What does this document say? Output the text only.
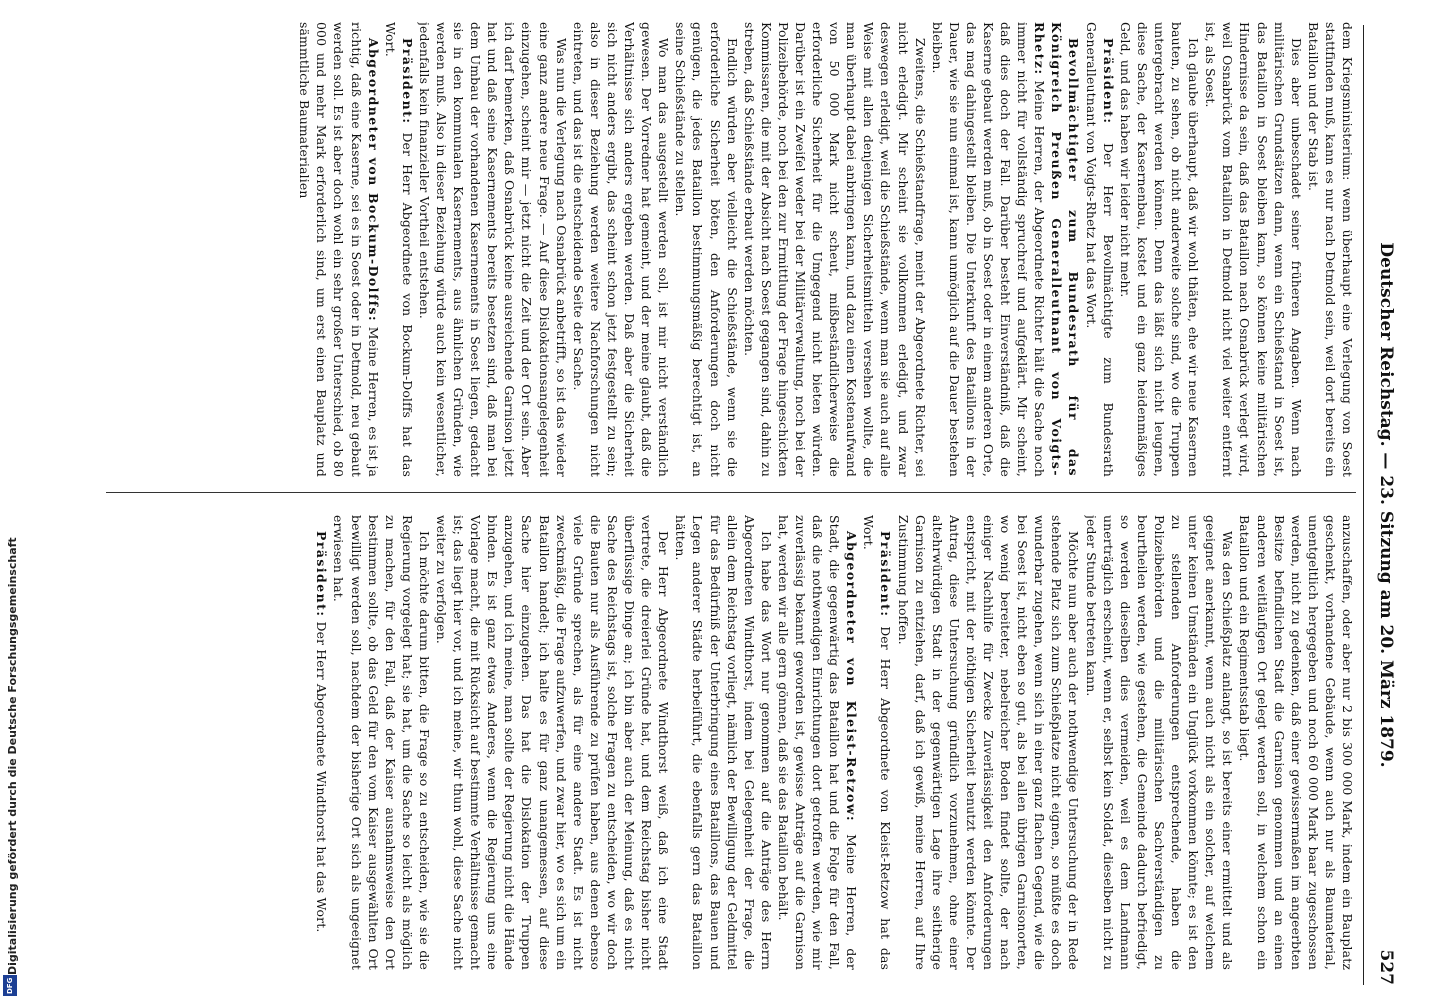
Digitalisierung gefördert durch die Deutsche Forschungsgemeinschaft
DFG
Deutscher Reichstag. — 23. Sitzung am 20. März 1879.
527

dem Kriegsministerium: wenn überhaupt eine Verlegung von Soest stattfinden muß, kann es nur nach Detmold sein, weil dort bereits ein Bataillon und der Stab ist.

Dies aber unbeschadet seiner früheren Angaben. Wenn nach militärischen Grundsätzen dann, wenn ein Schießstand in Soest ist, das Bataillon in Soest bleiben kann, so können keine militärischen Hindernisse da sein, daß das Bataillon nach Osnabrück verlegt wird, weil Osnabrück vom Bataillon in Detmold nicht viel weiter entfernt ist, als Soest.

Ich glaube überhaupt, daß wir wohl thäten, ehe wir neue Kasernen bauten, zu sehen, ob nicht anderweite solche sind, wo die Truppen untergebracht werden können. Denn das läßt sich nicht leugnen, diese Sache, der Kasernenbau, kostet und ein ganz heidenmäßiges Geld, und das haben wir leider nicht mehr.

Präsident: Der Herr Bevollmächtigte zum Bundesrath Generalleutnant von Voigts-Rhetz hat das Wort.

Bevollmächtigter zum Bundesrath für das Königreich Preußen Generalleutnant von Voigts-Rhetz: Meine Herren, der Abgeordnete Richter hält die Sache noch immer nicht für vollständig spruchreif und aufgeklärt. Mir scheint, daß dies doch der Fall. Darüber besteht Einverständniß, daß die Kaserne gebaut werden muß, ob in Soest oder in einem anderen Orte, das mag dahingestellt bleiben. Die Unterkunft des Bataillons in der Dauer, wie sie nun einmal ist, kann unmöglich auf die Dauer bestehen bleiben.

Zweitens, die Schießstandfrage, meint der Abgeordnete Richter, sei nicht erledigt. Mir scheint sie vollkommen erledigt, und zwar deswegen erledigt, weil die Schießstände, wenn man sie auch auf alle Weise mit allen denjenigen Sicherheitsmitteln versehen wollte, die man überhaupt dabei anbringen kann, und dazu einen Kostenaufwand von 50 000 Mark nicht scheut, mißbeständlicherweise die erforderliche Sicherheit für die Umgegend nicht bieten würden. Darüber ist ein Zweifel weder bei der Militärverwaltung, noch bei der Polizeibehörde, noch bei den zur Ermittlung der Frage hingeschickten Kommissaren, die mit der Absicht nach Soest gegangen sind, dahin zu streben, daß Schießstände erbaut werden möchten.

Endlich würden aber vielleicht die Schießstände, wenn sie die erforderliche Sicherheit böten, den Anforderungen doch nicht genügen, die jedes Bataillon bestimmungsmäßig berechtigt ist, an seine Schießstände zu stellen.

Wo man das ausgestellt werden soll, ist mir nicht verständlich gewesen. Der Vorredner hat gemeint, und der meine glaubt, daß die Verhältnisse sich anders ergeben werden. Daß aber die Sicherheit sich nicht anders ergibt, das scheint schon jetzt festgestellt zu sein; also in dieser Beziehung werden weitere Nachforschungen nicht eintreten, und das ist die entscheidende Seite der Sache.

Was nun die Verlegung nach Osnabrück anbetrifft, so ist das wieder eine ganz andere neue Frage. — Auf diese Dislokationsangelegenheit einzugehen, scheint mir — jetzt nicht die Zeit und der Ort sein. Aber ich darf bemerken, daß Osnabrück keine ausreichende Garnison jetzt hat und daß seine Kasernements bereits besetzen sind, daß man bei dem Umbau der vorhandenen Kasernements in Soest liegen, gedacht sie in den kommunalen Kasernements, aus ähnlichen Gründen, wie werden muß. Also in dieser Beziehung würde auch kein wesentlicher, jedenfalls kein finanzieller Vortheil entstehen.

Präsident: Der Herr Abgeordnete von Bockum-Dolffs hat das Wort.

Abgeordneter von Bockum-Dolffs: Meine Herren, es ist ja richtig, daß eine Kaserne, sei es in Soest oder in Detmold, neu gebaut werden soll. Es ist aber doch wohl ein sehr großer Unterschied, ob 80 000 und mehr Mark erforderlich sind, um erst einen Bauplatz und sämmtliche Baumaterialien

anzuschaffen, oder aber nur 2 bis 300 000 Mark, indem ein Bauplatz geschenkt, vorhandene Gebäude, wenn auch nur als Baumaterial, unentgeltlich hergegeben und noch 60 000 Mark baar zugeschossen werden, nicht zu gedenken, daß einer gewissermaßen im angeerbten Besitze befindlichen Stadt die Garnison genommen und an einen anderen weitläufigen Ort gelegt werden soll, in welchem schon ein Bataillon und ein Regimentsstab liegt.

Was den Schießplatz anlangt, so ist bereits einer ermittelt und als geeignet anerkannt, wenn auch nicht als ein solcher, auf welchem unter keinen Umständen ein Unglück vorkommen könnte; es ist den zu stellenden Anforderungen entsprechende, haben die Polizeibehörden und die militärischen Sachverständigen zu beurtheilen werden, wie gestehen, die Gemeinde dadurch befriedigt, so werden dieselben dies vermeiden, weil es dem Landmann unerträglich erscheint, wenn er, selbst kein Soldat, dieselben nicht zu jeder Stunde betreten kann.

Möchte nun aber auch der nothwendige Untersuchung der in Rede stehende Platz sich zum Schießplatze nicht eignen, so müßte es doch wunderbar zugehen, wenn sich in einer ganz flachen Gegend, wie die bei Soest ist, nicht eben so gut, als bei allen übrigen Garnisonorten, wo wenig bereiteter, nebelreicher Boden findet sollte, der nach einiger Nachhilfe für Zwecke Zuverlässigkeit den Anforderungen entspricht, mit der nöthigen Sicherheit benutzt werden könnte. Der Antrag, diese Untersuchung gründlich vorzunehmen, ohne einer altehrwürdigen Stadt in der gegenwärtigen Lage ihre seitherige Garnison zu entziehen, darf, daß ich gewiß, meine Herren, auf Ihre Zustimmung hoffen.

Präsident: Der Herr Abgeordnete von Kleist-Retzow hat das Wort.

Abgeordneter von Kleist-Retzow: Meine Herren, der Stadt, die gegenwärtig das Bataillon hat und die Folge für den Fall, daß die nothwendigen Einrichtungen dort getroffen werden, wie mir zuverlässig bekannt geworden ist, gewisse Anträge auf die Garnison hat, werden wir alle gern gönnen, daß sie das Bataillon behält.

Ich habe das Wort nur genommen auf die Anträge des Herrn Abgeordneten Windthorst, indem bei Gelegenheit der Frage, die allein dem Reichstag vorliegt, nämlich der Bewilligung der Geldmittel für das Bedürfniß der Unterbringung eines Bataillons, das Bauen und Legen anderer Städte herbeiführt, die ebenfalls gern das Bataillon hätten.

Der Herr Abgeordnete Windthorst weiß, daß ich eine Stadt vertrete, die dreierlei Gründe hat, und dem Reichstag bisher nicht überflüssige Dinge an; ich bin aber auch der Meinung, daß es nicht Sache des Reichstags ist, solche Fragen zu entscheiden, wo wir doch die Bauten nur als Ausführende zu prüfen haben, aus denen ebenso viele Gründe sprechen, als für eine andere Stadt. Es ist nicht zweckmäßig, die Frage aufzuwerfen, und zwar hier, wo es sich um ein Bataillon handelt; ich halte es für ganz unangemessen, auf diese Sache hier einzugehen. Das hat die Dislokation der Truppen anzugehen, und ich meine, man sollte der Regierung nicht die Hände binden. Es ist ganz etwas Anderes, wenn die Regierung uns eine Vorlage macht, die mit Rücksicht auf bestimmte Verhältnisse gemacht ist; das liegt hier vor, und ich meine, wir thun wohl, diese Sache nicht weiter zu verfolgen.

Ich möchte darum bitten, die Frage so zu entscheiden, wie sie die Regierung vorgelegt hat; sie hat, um die Sache so leicht als möglich zu machen, für den Fall, daß der Kaiser ausnahmsweise den Ort bestimmen sollte, ob das Geld für den vom Kaiser ausgewählten Ort bewilligt werden soll, nachdem der bisherige Ort sich als ungeeignet erwiesen hat.

Präsident: Der Herr Abgeordnete Windthorst hat das Wort.
